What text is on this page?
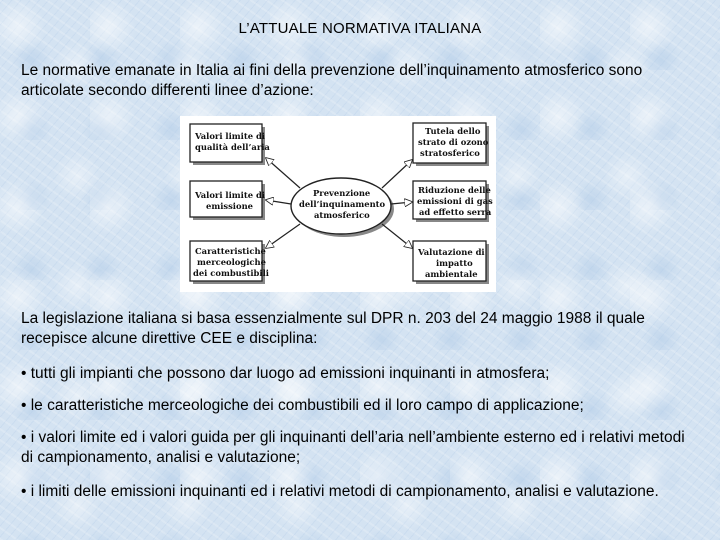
L’ATTUALE NORMATIVA ITALIANA
Le normative emanate in Italia ai fini della prevenzione dell’inquinamento atmosferico sono articolate secondo differenti linee d’azione:
Valori limite di
qualità dell’aria
Valori limite di
emissione
Caratteristiche
merceologiche
dei combustibili
Tutela dello
strato di ozono
stratosferico
Riduzione delle
emissioni di gas
ad effetto serra
Valutazione di
impatto
ambientale
Prevenzione
dell’inquinamento
atmosferico
La legislazione italiana si basa essenzialmente sul DPR n. 203 del 24 maggio 1988 il quale recepisce alcune direttive CEE e disciplina:
• tutti gli impianti che possono dar luogo ad emissioni inquinanti in atmosfera;
• le caratteristiche merceologiche dei combustibili ed il loro campo di applicazione;
• i valori limite ed i valori guida per gli inquinanti dell’aria nell’ambiente esterno ed i relativi metodi di campionamento, analisi e valutazione;
• i limiti delle emissioni inquinanti ed i relativi metodi di campionamento, analisi e valutazione.
